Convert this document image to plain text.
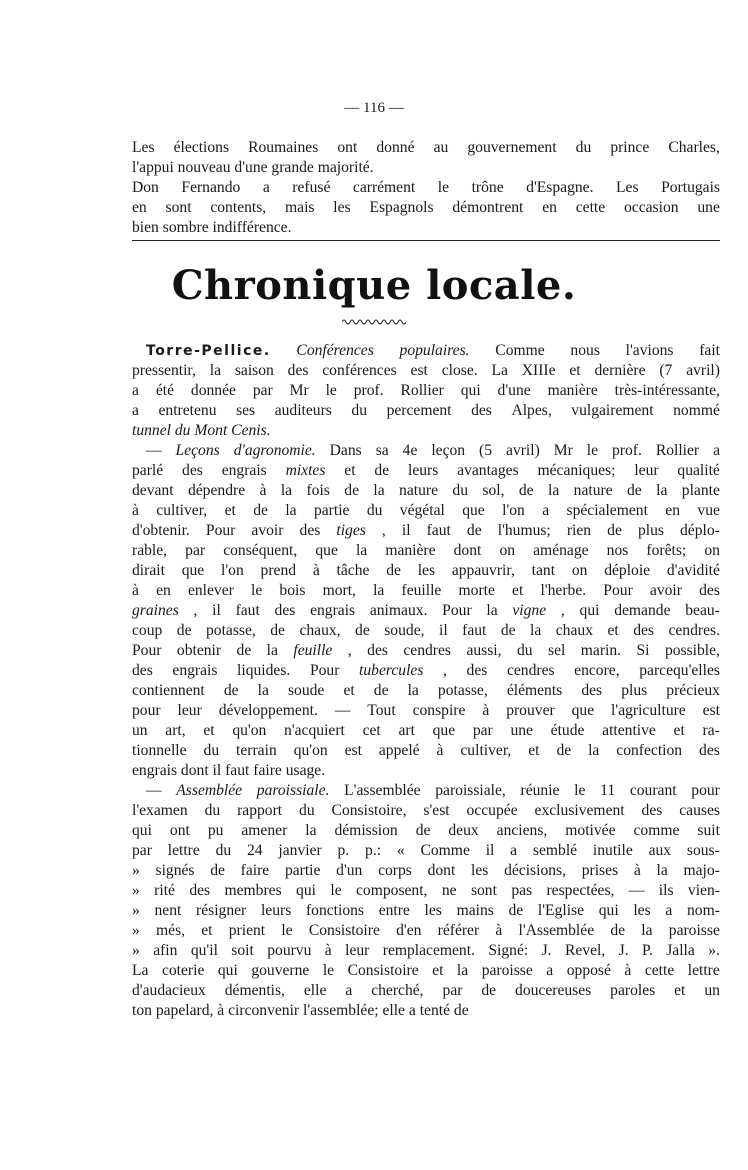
— 116 —
Les élections Roumaines ont donné au gouvernement du prince Charles,
l'appui nouveau d'une grande majorité.
Don Fernando a refusé carrément le trône d'Espagne. Les Portugais
en sont contents, mais les Espagnols démontrent en cette occasion une
bien sombre indifférence.
Chronique locale.
Torre-Pellice. Conférences populaires. Comme nous l'avions fait
pressentir, la saison des conférences est close. La XIIIe et dernière (7 avril)
a été donnée par Mr le prof. Rollier qui d'une manière très-intéressante,
a entretenu ses auditeurs du percement des Alpes, vulgairement nommé
tunnel du Mont Cenis.
— Leçons d'agronomie. Dans sa 4e leçon (5 avril) Mr le prof. Rollier a
parlé des engrais mixtes et de leurs avantages mécaniques; leur qualité
devant dépendre à la fois de la nature du sol, de la nature de la plante
à cultiver, et de la partie du végétal que l'on a spécialement en vue
d'obtenir. Pour avoir des tiges , il faut de l'humus; rien de plus déplo-
rable, par conséquent, que la manière dont on aménage nos forêts; on
dirait que l'on prend à tâche de les appauvrir, tant on déploie d'avidité
à en enlever le bois mort, la feuille morte et l'herbe. Pour avoir des
graines , il faut des engrais animaux. Pour la vigne , qui demande beau-
coup de potasse, de chaux, de soude, il faut de la chaux et des cendres.
Pour obtenir de la feuille , des cendres aussi, du sel marin. Si possible,
des engrais liquides. Pour tubercules , des cendres encore, parcequ'elles
contiennent de la soude et de la potasse, éléments des plus précieux
pour leur développement. — Tout conspire à prouver que l'agriculture est
un art, et qu'on n'acquiert cet art que par une étude attentive et ra-
tionnelle du terrain qu'on est appelé à cultiver, et de la confection des
engrais dont il faut faire usage.
— Assemblée paroissiale. L'assemblée paroissiale, réunie le 11 courant pour
l'examen du rapport du Consistoire, s'est occupée exclusivement des causes
qui ont pu amener la démission de deux anciens, motivée comme suit
par lettre du 24 janvier p. p.: « Comme il a semblé inutile aux sous-
» signés de faire partie d'un corps dont les décisions, prises à la majo-
» rité des membres qui le composent, ne sont pas respectées, — ils vien-
» nent résigner leurs fonctions entre les mains de l'Eglise qui les a nom-
» més, et prient le Consistoire d'en référer à l'Assemblée de la paroisse
» afin qu'il soit pourvu à leur remplacement. Signé: J. Revel, J. P. Jalla ».
La coterie qui gouverne le Consistoire et la paroisse a opposé à cette lettre
d'audacieux démentis, elle a cherché, par de doucereuses paroles et un
ton papelard, à circonvenir l'assemblée; elle a tenté de
